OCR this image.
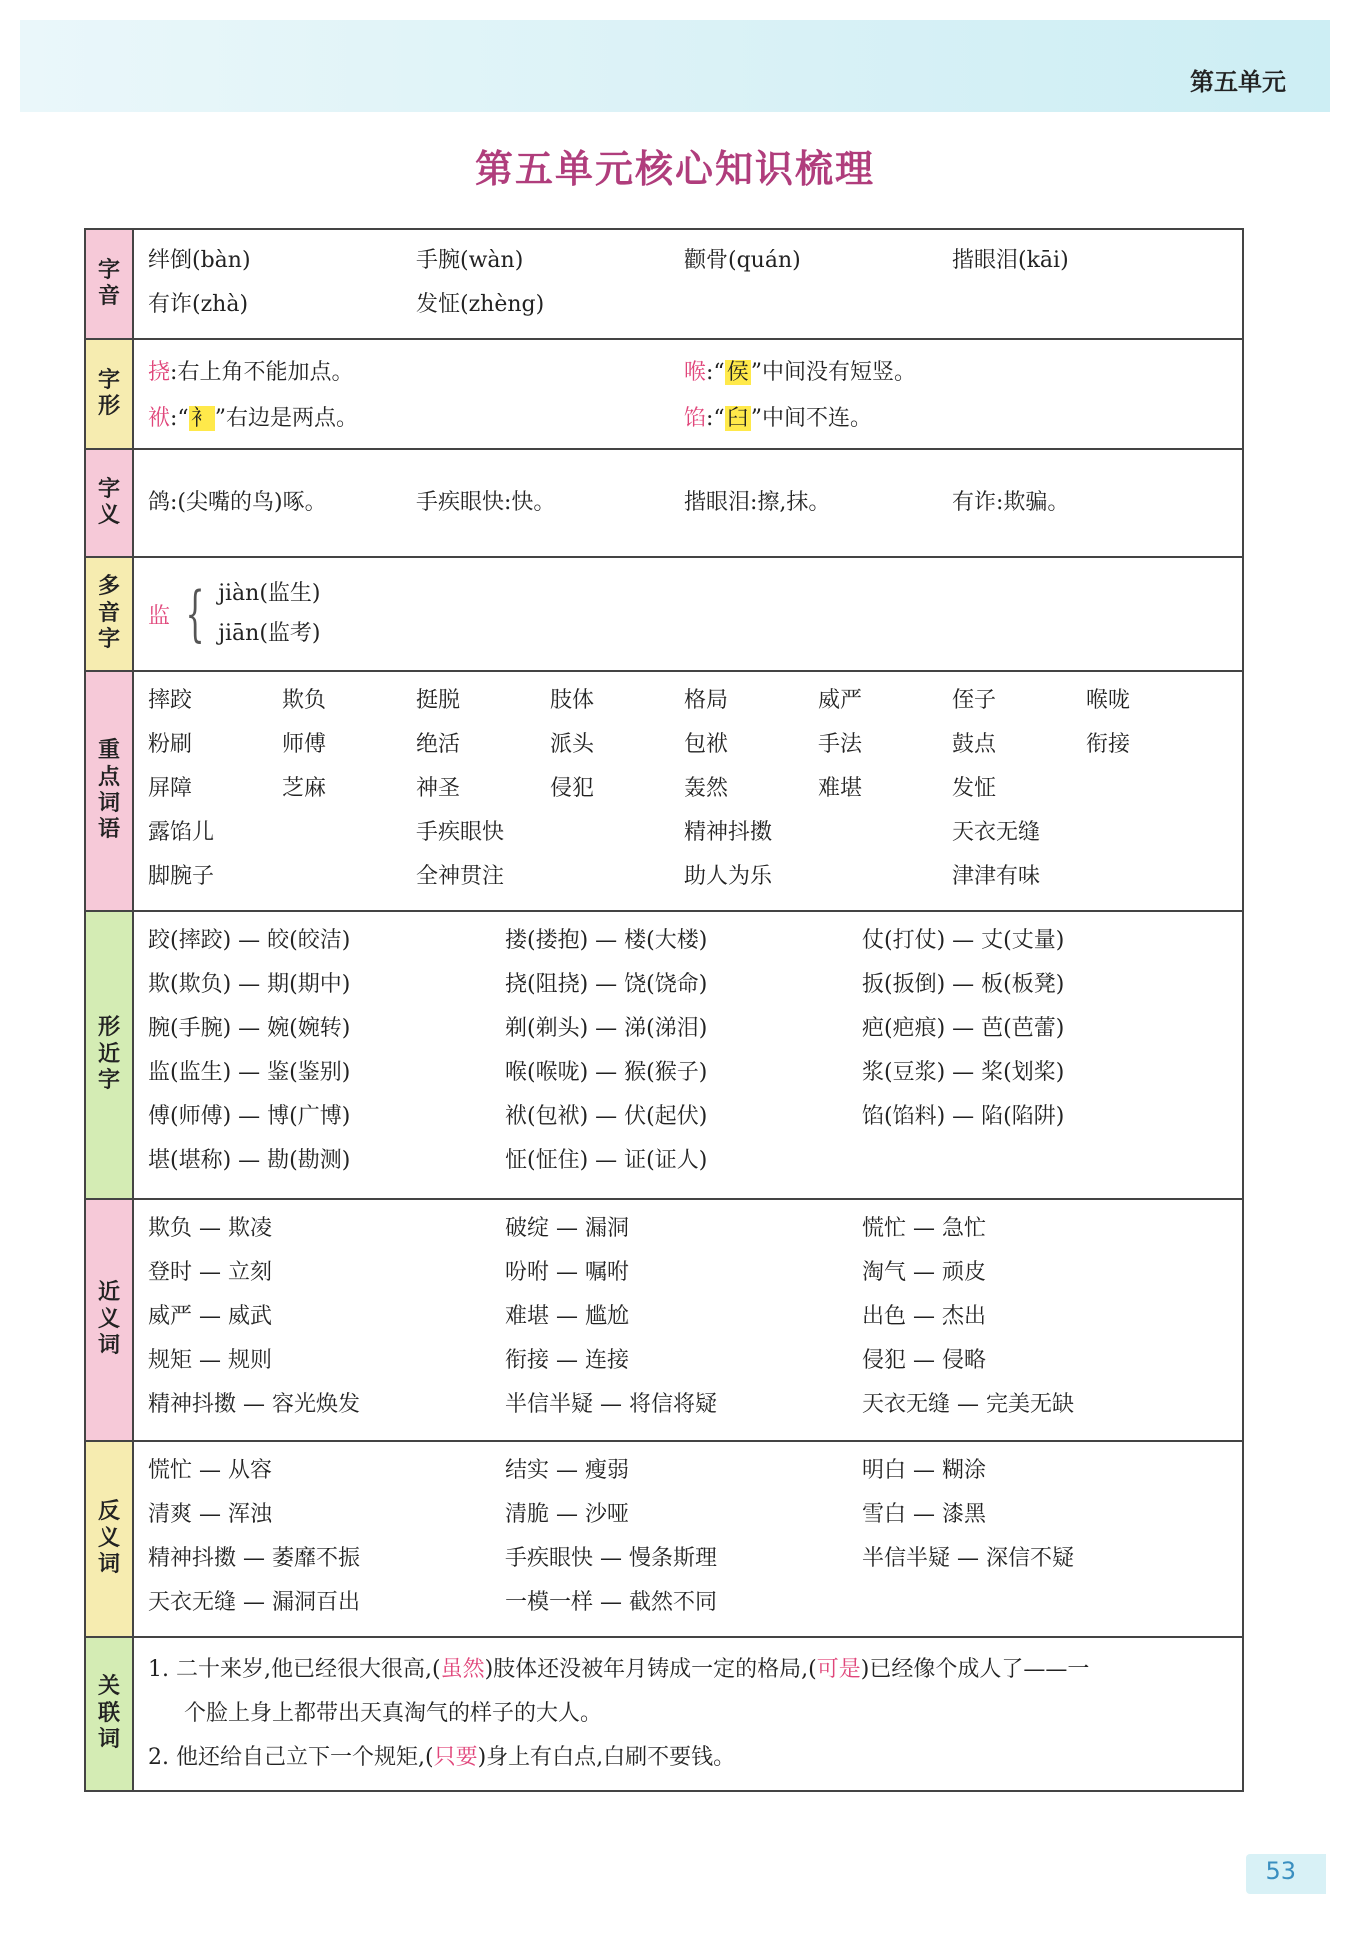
第五单元
第五单元核心知识梳理
字
音
绊倒(bàn)	手腕(wàn)	颧骨(quán)	揩眼泪(kāi)
有诈(zhà)	发怔(zhèng)
字
形
挠:右上角不能加点。	喉:“侯”中间没有短竖。
袱:“衤”右边是两点。	馅:“臼”中间不连。
字
义
鸽:(尖嘴的鸟)啄。	手疾眼快:快。	揩眼泪:擦,抹。	有诈:欺骗。
多
音
字
监 { jiàn(监生)
jiān(监考)
重
点
词
语
摔跤	欺负	挺脱	肢体	格局	威严	侄子	喉咙
粉刷	师傅	绝活	派头	包袱	手法	鼓点	衔接
屏障	芝麻	神圣	侵犯	轰然	难堪	发怔
露馅儿	手疾眼快	精神抖擞	天衣无缝
脚腕子	全神贯注	助人为乐	津津有味
形
近
字
跤(摔跤) — 皎(皎洁)	搂(搂抱) — 楼(大楼)	仗(打仗) — 丈(丈量)
欺(欺负) — 期(期中)	挠(阻挠) — 饶(饶命)	扳(扳倒) — 板(板凳)
腕(手腕) — 婉(婉转)	剃(剃头) — 涕(涕泪)	疤(疤痕) — 芭(芭蕾)
监(监生) — 鉴(鉴别)	喉(喉咙) — 猴(猴子)	浆(豆浆) — 桨(划桨)
傅(师傅) — 博(广博)	袱(包袱) — 伏(起伏)	馅(馅料) — 陷(陷阱)
堪(堪称) — 勘(勘测)	怔(怔住) — 证(证人)
近
义
词
欺负 — 欺凌	破绽 — 漏洞	慌忙 — 急忙
登时 — 立刻	吩咐 — 嘱咐	淘气 — 顽皮
威严 — 威武	难堪 — 尴尬	出色 — 杰出
规矩 — 规则	衔接 — 连接	侵犯 — 侵略
精神抖擞 — 容光焕发	半信半疑 — 将信将疑	天衣无缝 — 完美无缺
反
义
词
慌忙 — 从容	结实 — 瘦弱	明白 — 糊涂
清爽 — 浑浊	清脆 — 沙哑	雪白 — 漆黑
精神抖擞 — 萎靡不振	手疾眼快 — 慢条斯理	半信半疑 — 深信不疑
天衣无缝 — 漏洞百出	一模一样 — 截然不同
关
联
词
1. 二十来岁,他已经很大很高,(虽然)肢体还没被年月铸成一定的格局,(可是)已经像个成人了——一
个脸上身上都带出天真淘气的样子的大人。
2. 他还给自己立下一个规矩,(只要)身上有白点,白刷不要钱。
53
